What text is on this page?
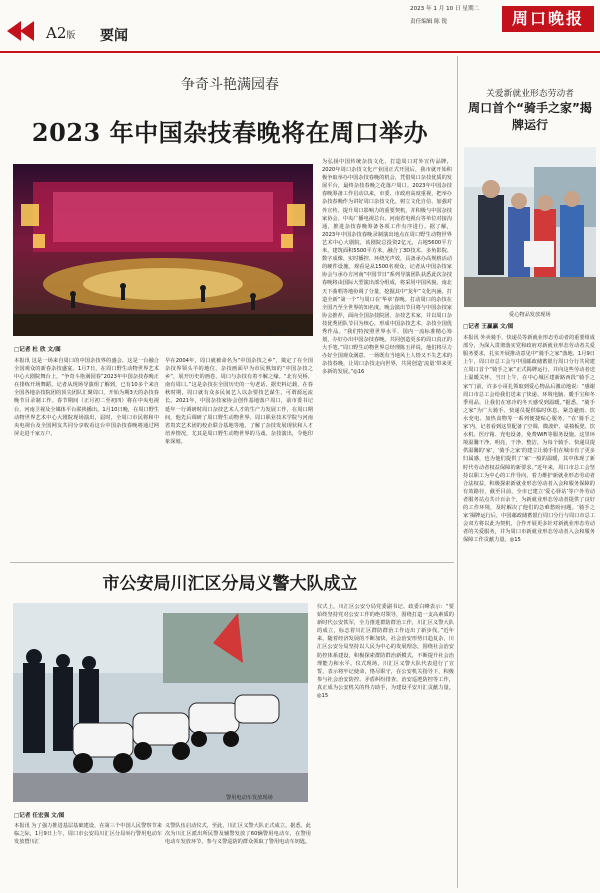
A2版 要闻
2023 年 1 月 10 日 星期二
责任编辑 陈 锐	周口晚报
争奇斗艳满园春
2023 年中国杂技春晚将在周口举办
排练现场
□记者 杜 欣 文/图
本报讯 这是一场来自周口的中国杂技界的盛会，这是一台融合全国观众的新春杂技盛宴。1月7日，在周口野生动物世界艺术中心大剧院舞台上，“争奇斗艳满园春”2023年中国杂技春晚正在排练开场舞蹈，记者从现场导演组了解到，已有10多个来自全国各地杂技院团的顶尖团队汇聚周口，开始为期3天的杂技春晚节目录制工作。春节期间（正月初二至初四）将在中央电视台、河南卫视及全媒体平台联袂播出。1月10日晚，在周口野生动物世界艺术中心大剧院现场演出，届时，全周口市民将和中央电视台及全国网友共同分享收看这台中国杂技春晚将通过网屏走进千家万户。
早在2004年，周口就被命名为“中国杂技之乡”，奠定了在全国杂技界领头羊的地位，杂技画面早为市民熟知的“中国杂技之乡”，展开历史的画卷，周口与杂技有着不解之缘。“北有吴桥，南有周口。”这是杂技在全国历史的一句老话，据史料记载，在春秋时期，周口就有众多民间艺人以杂要技艺谋生，可谓源远流长。2021年，中国杂技家协会创作基地落户周口，前市委书记延年一行调研时周口杂技艺术人才的生产力发展工作，在周口期间，他先后调研了周口野生动物世界、周口职业技术学院与河南省贵宾艺术团的校企联合基地等地。了解了杂技发展现状和人才培养情况，尤其是周口野生动物世界的马戏、杂技演出，令他印象深刻。
为弘扬中国传统杂技文化，打造周口对外宣传品牌，2020年周口杂技文化产业园正式开园后，我市就开始积极争取举办中国杂技春晚的机会，凭借周口杂技优质的发展平台，最终杂技春晚之花落户周口。2023年中国杂技春晚筹备工作启动以来，市委、市政府高度重视，把举办杂技春晚作为讲好周口杂技文化、树立文化自信、加强对外宣传、提升周口影响力的重要契机，并积极与中国杂技家协会、中央广播电视总台、河南省电视台等单位对接沟通，推进杂技春晚筹备各项工作有序进行。据了解，2023年中国杂技春晚录制演出地点在周口野生动物世界艺术中心大剧院，该剧院总投资2亿元，占地5600平方米，建筑面积5500平方米，融合了3D技术、多角影院、数字成像、实时播控、环绕光声效，具备承办高规格活动的硬件设施。观看是从1500名观众，记者从中国杂技家协会与承办方河南“中国节日”系列导演团队获悉此次杂技春晚将由国际大型演出部分组成，将采用中国风貌、南北天下曲唱等地协调了分量，挖掘其中“龙年”文化内涵，打造全新“第一个”与周口在‘华章’春晚。打动周口的杂技在全国乃至全世界的知名度。晚会演出节目将与中国杂技家协会推荐，面向全国杂技院团、杂技艺术家，并以周口杂技优秀团队节目为核心，形成中国杂技艺术、杂技全国优秀作品。“我们特按照世界水平、国内一流标准精心筹划，办好办出中国杂技春晚，共同创造更多的周口真正的大手笔。”周口野生动物世界总经理陈玉祥说，他们将尽力办好全国观众满意、一场既有当地风土人情又不失艺术的杂技春晚，让周口杂技走向世界，共同创造‘流量’带来更多新的发展。”◎16
关爱新就业形态劳动者
周口首个“骑手之家”揭牌运行
爱心物品发放现场
□记者 王赢赢 文/图
本报讯 外卖骑手、快递员等新就业形态劳动者的重要组成部分，为深入贯彻落实党和政府对新就业形态劳动者关爱服务要求，扎实开展推动意见中“骑手之家”落地，1月9日上午，周口市总工会与中国邮政储蓄银行周口分行共同建立周口首个“骑手之家”正式揭牌运行，并向这些劳动者送上温暖关怀。当日上午，在中心城区建新路西段“骑手之家”门前，许多小哥扎领取到爱心物品后激动地说：“感谢周口市总工会给我们送来了快递、环境电脑、暖手宝和冬季用品，让我们在寒冷的冬天感受到温暖。”据悉，“骑手之家”为广大骑手、快递员提供临时休息、紧急避雨、饮水充电、加热食物等一系列便捷贴心服务。“在‘骑手之家’内，记者看到这里配备了空调、微波炉、桌椅板凳、饮水机、医疗箱、充电设备，免费WiFi等服务设施。这里环境温馨干净，明亮，干净、整洁，为每个骑手、快递员提供温馨的‘家’，‘骑手之家’的建立让骑手们在城市有了更多归属感，也为他们提供了‘家’一般的温暖，其中体现了新时代劳动者权益保障的新要求。”近年来，周口市总工会坚持以职工为中心的工作导向，着力维护新就业形态劳动者合法权益，积极探索新就业形态劳动者入会和服务保障的有效路径，截至目前，全市已建立‘爱心驿站’等户外劳动者服务站点共计百余个，为新就业形态劳动者提供了良好的工作环境，及时解决了他们的急难愁盼问题。‘骑手之家’揭牌运行后，中国邮政储蓄银行周口分行与周口市总工会双方将以此为契机，合作开展更多针对新就业形态劳动者的关爱服务，并为周口市新就业形态劳动者入会和服务保障工作贡献力量。◎15
市公安局川汇区分局义警大队成立
警用电动车发放现场
□记者 任宏强 文/图
本报讯 为了强力推进基层基础建设，在第三个中国人民警察节来临之际，1月9日上午，周口市公安局川汇区分局举行警用电动车发放暨川汇
义警队伍启动仪式，至此，川汇区义警大队正式成立。据悉，此次为川汇区派出所民警及辅警发放了60辆警用电动车，在警用电动车发放环节，参与义警巡防的群众领取了警用电动车钥匙。
仪式上，川汇区公安分局党委副书记、政委白峰表示：“要始终坚持党对公安工作的绝对领导，围绕打造一支高素质的新时代公安铁军，全力推进群防群治工作，川汇区义警大队的成立，标志着川汇区群防群治工作迈出了新步伐。”近年来，随着经济发展的不断加快，社会治安形势日趋复杂，川汇区公安分局坚持以人民为中心的发展理念，围绕社会治安防控体系建设，积极探索群防群治新模式，不断提升社会治理能力和水平。仪式现场，川汇区义警大队代表进行了宣誓，表示将牢记使命，恪尽职守，在公安机关指导下，积极参与社会治安防控、矛盾纠纷排查、治安巡逻防控等工作，真正成为公安机关的得力助手，为建设平安川汇贡献力量。◎15
